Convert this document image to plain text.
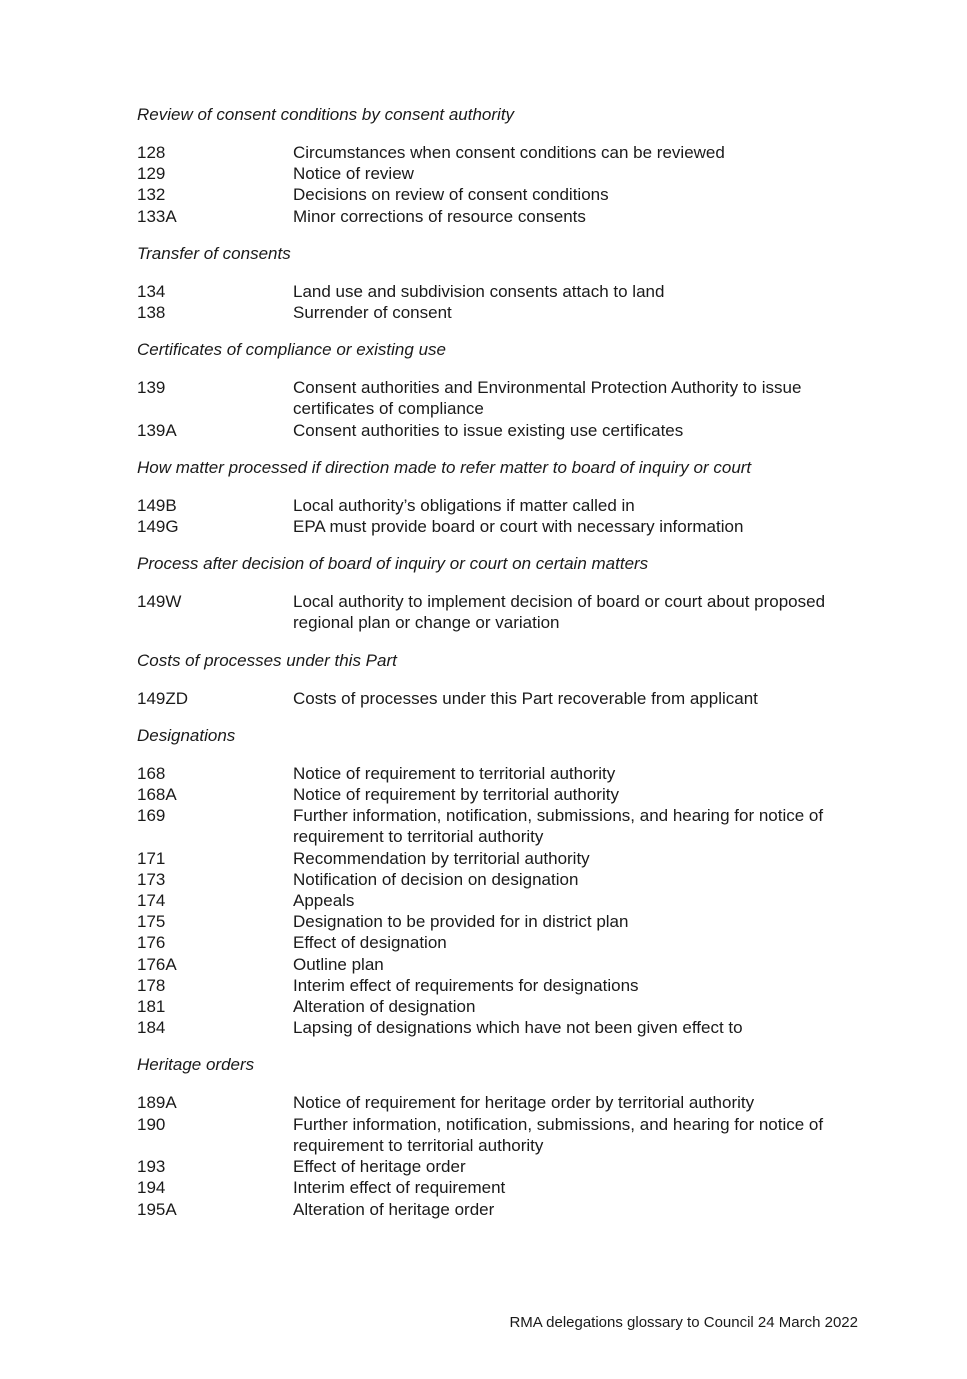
Review of consent conditions by consent authority
128	Circumstances when consent conditions can be reviewed
129	Notice of review
132	Decisions on review of consent conditions
133A	Minor corrections of resource consents
Transfer of consents
134	Land use and subdivision consents attach to land
138	Surrender of consent
Certificates of compliance or existing use
139	Consent authorities and Environmental Protection Authority to issue certificates of compliance
139A	Consent authorities to issue existing use certificates
How matter processed if direction made to refer matter to board of inquiry or court
149B	Local authority’s obligations if matter called in
149G	EPA must provide board or court with necessary information
Process after decision of board of inquiry or court on certain matters
149W	Local authority to implement decision of board or court about proposed regional plan or change or variation
Costs of processes under this Part
149ZD	Costs of processes under this Part recoverable from applicant
Designations
168	Notice of requirement to territorial authority
168A	Notice of requirement by territorial authority
169	Further information, notification, submissions, and hearing for notice of requirement to territorial authority
171	Recommendation by territorial authority
173	Notification of decision on designation
174	Appeals
175	Designation to be provided for in district plan
176	Effect of designation
176A	Outline plan
178	Interim effect of requirements for designations
181	Alteration of designation
184	Lapsing of designations which have not been given effect to
Heritage orders
189A	Notice of requirement for heritage order by territorial authority
190	Further information, notification, submissions, and hearing for notice of requirement to territorial authority
193	Effect of heritage order
194	Interim effect of requirement
195A	Alteration of heritage order
RMA delegations glossary to Council 24 March 2022
